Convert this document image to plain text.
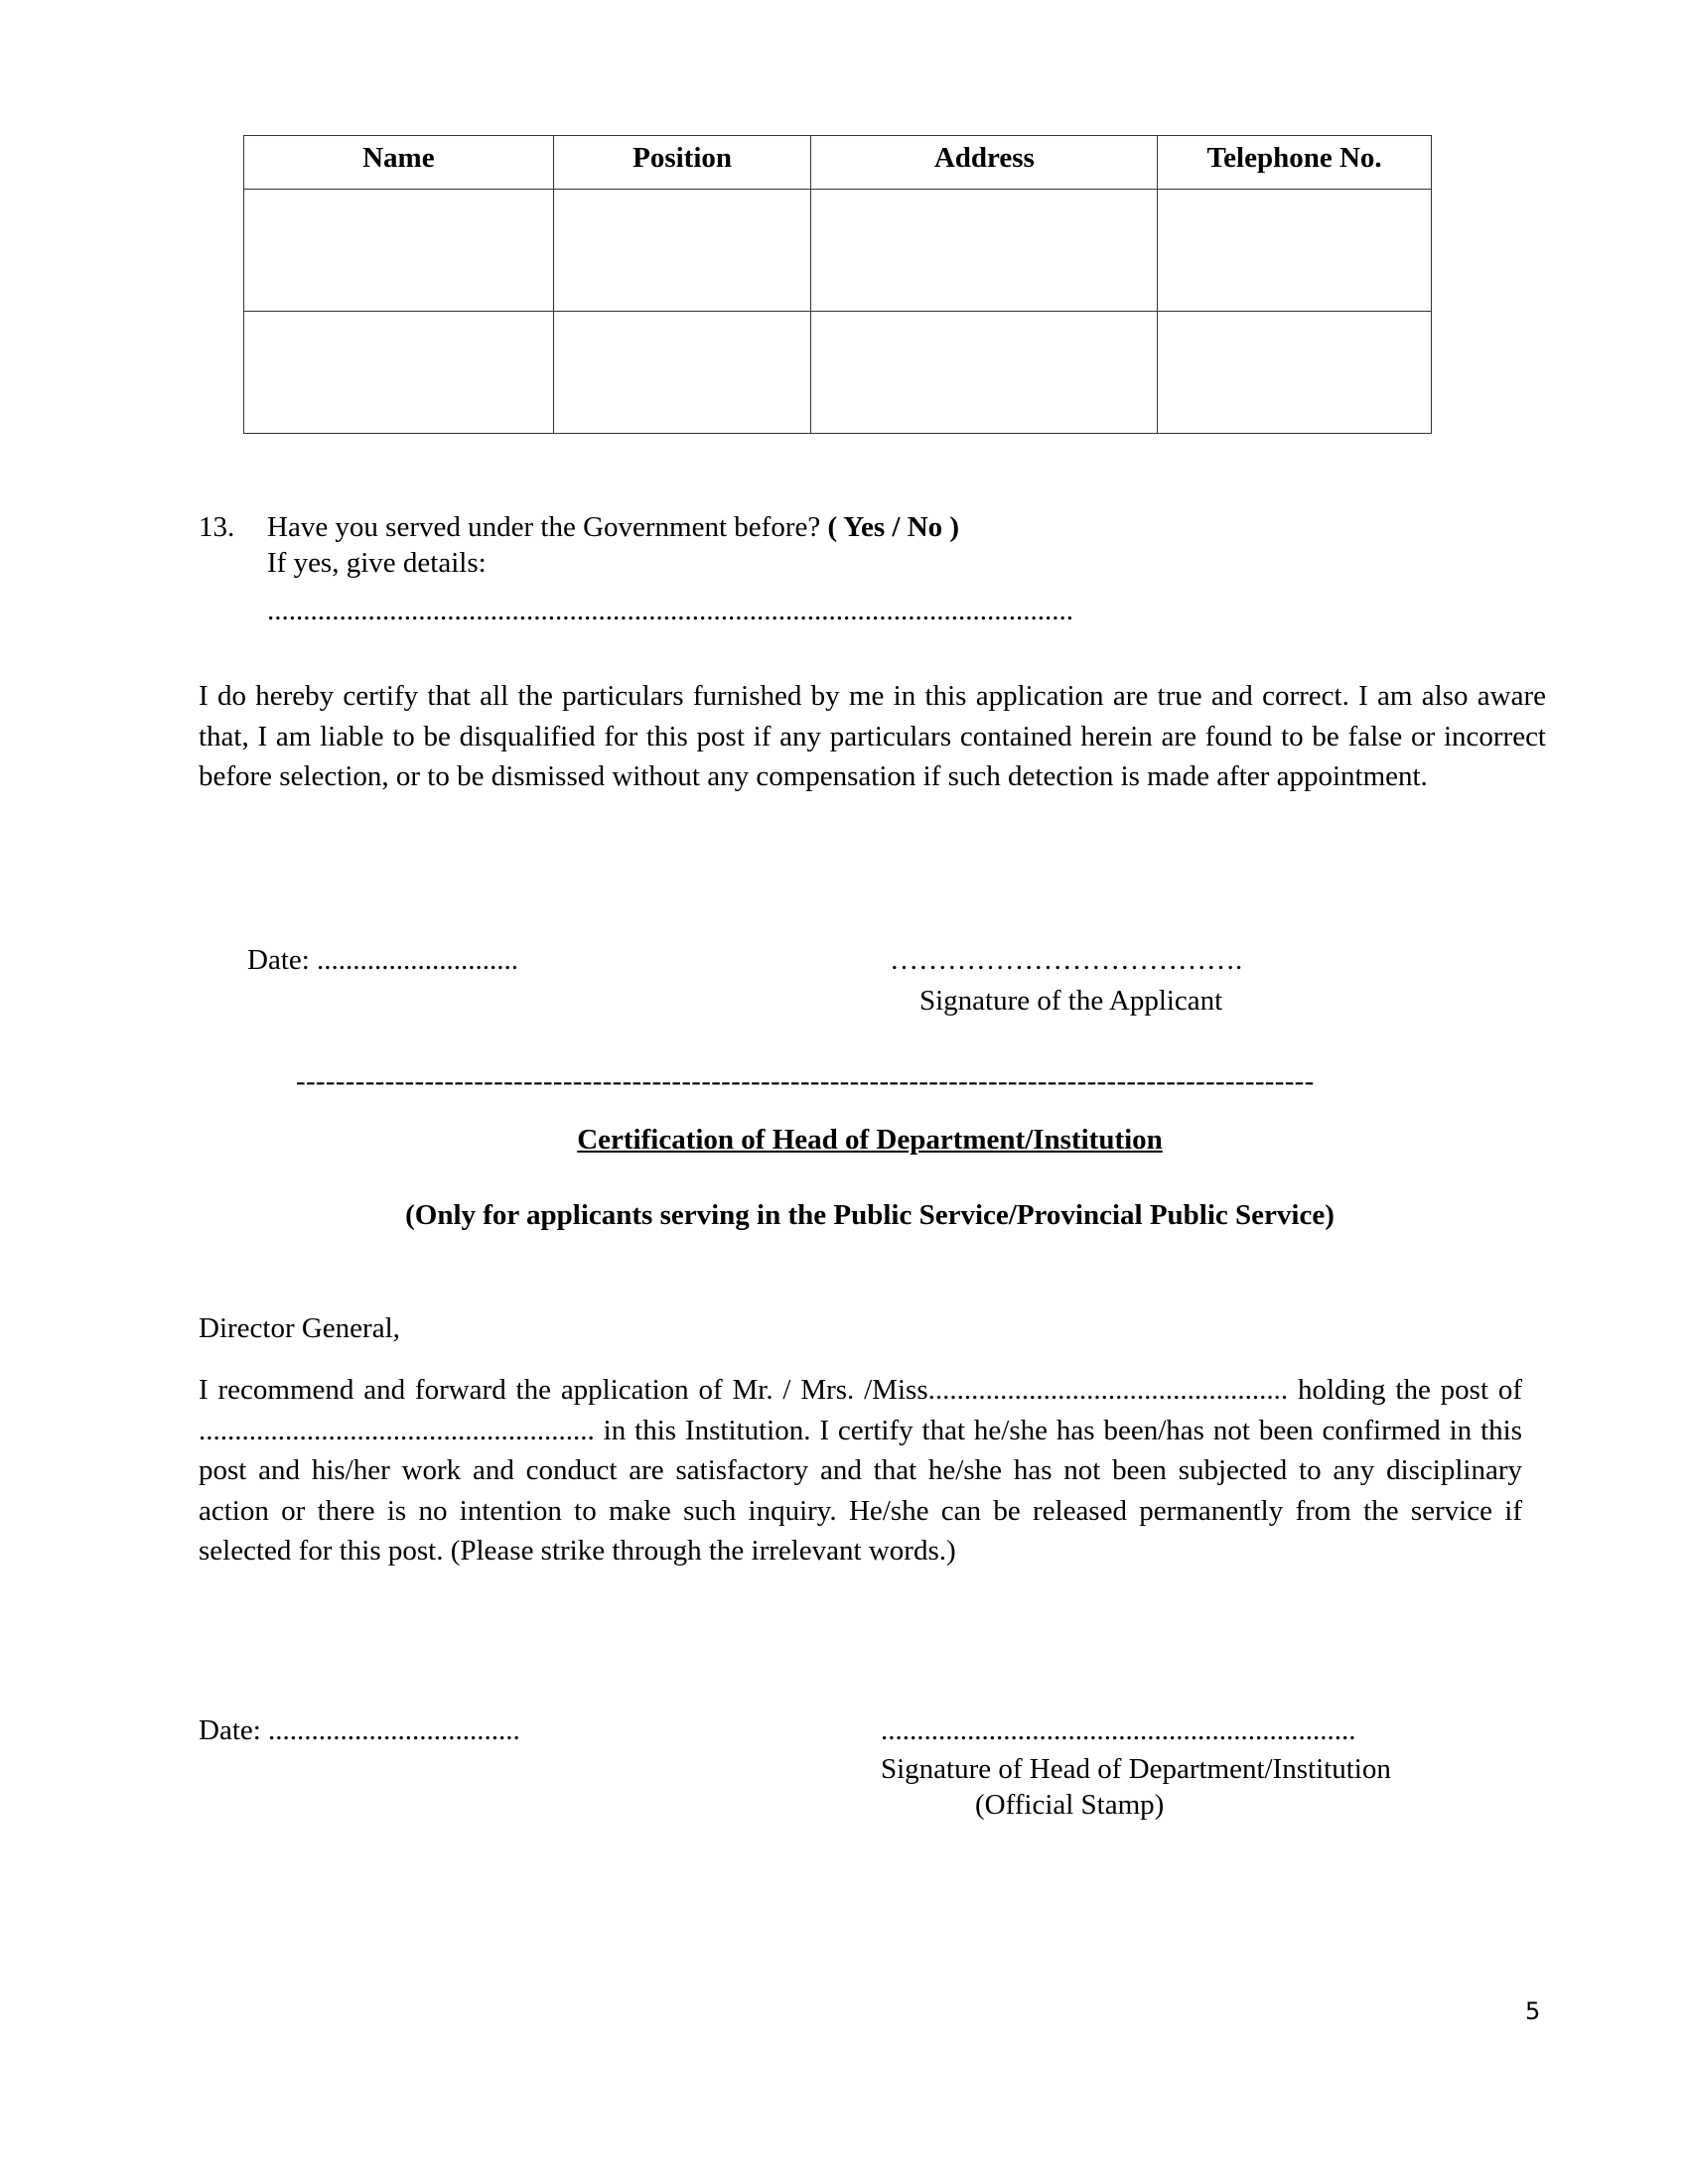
Name	Position	Address	Telephone No.

13. Have you served under the Government before? ( Yes / No )
If yes, give details:
................................................................................................................
I do hereby certify that all the particulars furnished by me in this application are true and correct. I am also aware that, I am liable to be disqualified for this post if any particulars contained herein are found to be false or incorrect before selection, or to be dismissed without any compensation if such detection is made after appointment.
Date: ............................	……………………………….
Signature of the Applicant
-------------------------------------------------------------------------------------------------------
Certification of Head of Department/Institution
(Only for applicants serving in the Public Service/Provincial Public Service)
Director General,
I recommend and forward the application of Mr. / Mrs. /Miss.................................................. holding the post of ....................................................... in this Institution. I certify that he/she has been/has not been confirmed in this post and his/her work and conduct are satisfactory and that he/she has not been subjected to any disciplinary action or there is no intention to make such inquiry. He/she can be released permanently from the service if selected for this post. (Please strike through the irrelevant words.)
Date: ...................................	..................................................................
Signature of Head of Department/Institution
(Official Stamp)
5
